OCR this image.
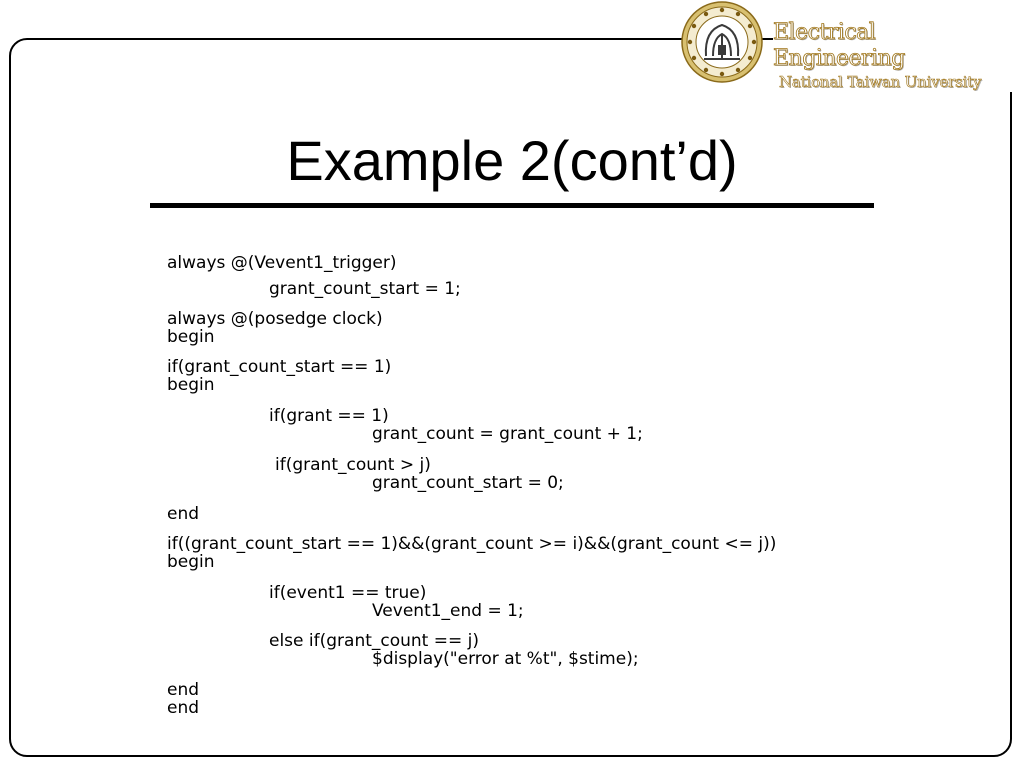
Electrical Engineering
National Taiwan University
Example 2(cont’d)
always @(Vevent1_trigger)
grant_count_start = 1;
always @(posedge clock)
begin
if(grant_count_start == 1)
begin
if(grant == 1)
grant_count = grant_count + 1;
if(grant_count > j)
grant_count_start = 0;
end
if((grant_count_start == 1)&&(grant_count >= i)&&(grant_count <= j))
begin
if(event1 == true)
Vevent1_end = 1;
else if(grant_count == j)
$display("error at %t", $stime);
end
end
